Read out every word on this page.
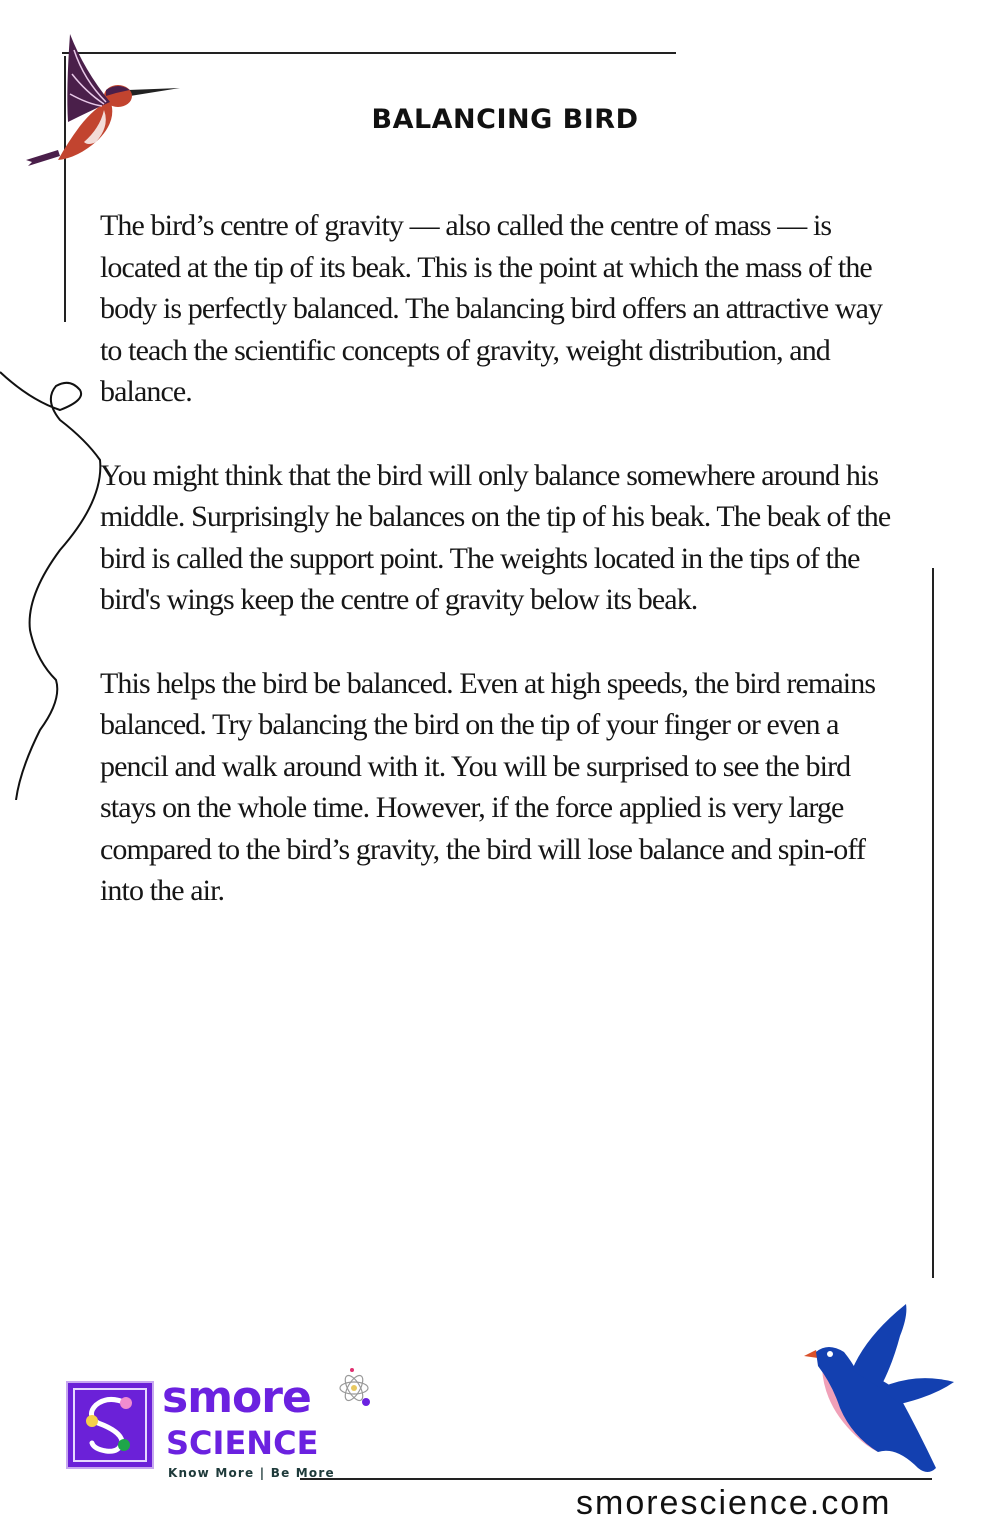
BALANCING BIRD

The bird’s centre of gravity — also called the centre of mass — is located at the tip of its beak. This is the point at which the mass of the body is perfectly balanced. The balancing bird offers an attractive way to teach the scientific concepts of gravity, weight distribution, and balance.

You might think that the bird will only balance somewhere around his middle. Surprisingly he balances on the tip of his beak. The beak of the bird is called the support point. The weights located in the tips of the bird's wings keep the centre of gravity below its beak.

This helps the bird be balanced. Even at high speeds, the bird remains balanced. Try balancing the bird on the tip of your finger or even a pencil and walk around with it. You will be surprised to see the bird stays on the whole time. However, if the force applied is very large compared to the bird’s gravity, the bird will lose balance and spin-off into the air.

smore
SCIENCE
Know More | Be More
smorescience.com
